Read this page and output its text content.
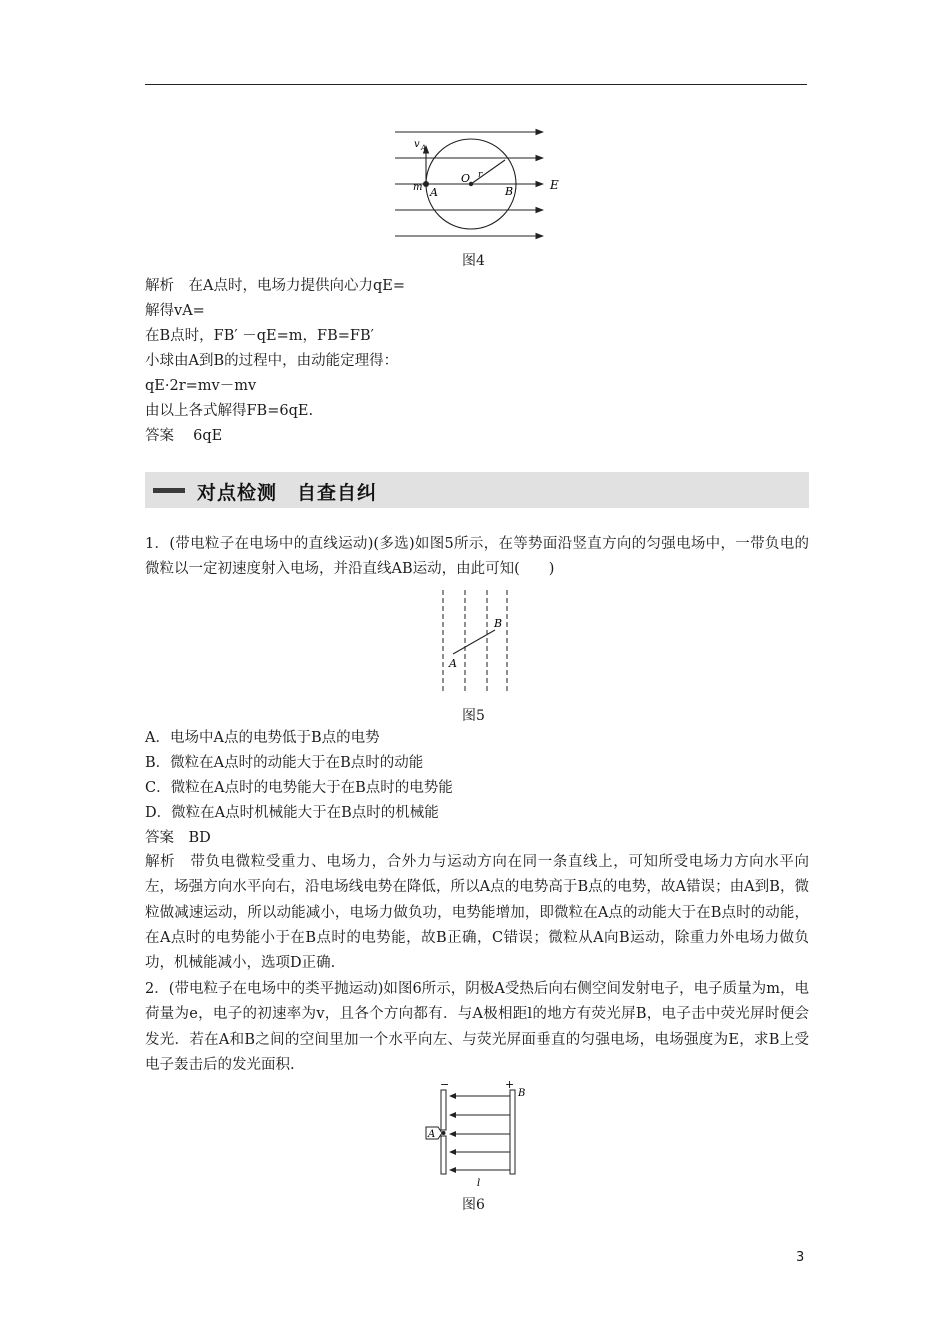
v A
O r
m A	B	E
图4
解析　在A点时，电场力提供向心力qE=
解得vA=
在B点时，FB′ －qE=m，FB=FB′
小球由A到B的过程中，由动能定理得：
qE·2r=mv－mv
由以上各式解得FB=6qE.
答案　 6qE
对点检测　自查自纠
1．(带电粒子在电场中的直线运动)(多选)如图5所示，在等势面沿竖直方向的匀强电场中，一带负电的微粒以一定初速度射入电场，并沿直线AB运动，由此可知(　　)
A
B
图5
A．电场中A点的电势低于B点的电势
B．微粒在A点时的动能大于在B点时的动能
C．微粒在A点时的电势能大于在B点时的电势能
D．微粒在A点时机械能大于在B点时的机械能
答案　BD
解析　带负电微粒受重力、电场力，合外力与运动方向在同一条直线上，可知所受电场力方向水平向左，场强方向水平向右，沿电场线电势在降低，所以A点的电势高于B点的电势，故A错误；由A到B，微粒做减速运动，所以动能减小，电场力做负功，电势能增加，即微粒在A点的动能大于在B点时的动能，在A点时的电势能小于在B点时的电势能，故B正确，C错误；微粒从A向B运动，除重力外电场力做负功，机械能减小，选项D正确.
2．(带电粒子在电场中的类平抛运动)如图6所示，阴极A受热后向右侧空间发射电子，电子质量为m，电荷量为e，电子的初速率为v，且各个方向都有．与A极相距l的地方有荧光屏B，电子击中荧光屏时便会发光．若在A和B之间的空间里加一个水平向左、与荧光屏面垂直的匀强电场，电场强度为E，求B上受电子轰击后的发光面积.
−	+
A
B
l
图6
3
